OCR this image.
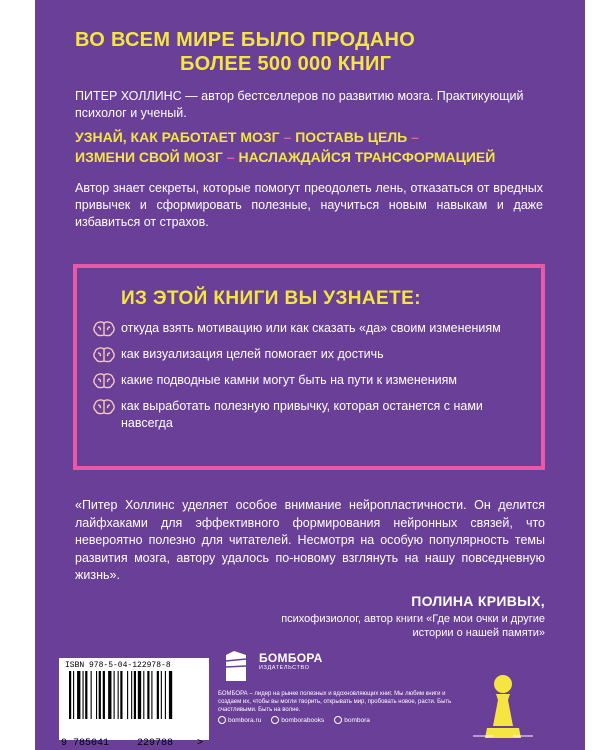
ВО ВСЕМ МИРЕ БЫЛО ПРОДАНО
БОЛЕЕ 500 000 КНИГ

ПИТЕР ХОЛЛИНС — автор бестселлеров по развитию мозга. Практикующий психолог и ученый.

УЗНАЙ, КАК РАБОТАЕТ МОЗГ – ПОСТАВЬ ЦЕЛЬ –
ИЗМЕНИ СВОЙ МОЗГ – НАСЛАЖДАЙСЯ ТРАНСФОРМАЦИЕЙ

Автор знает секреты, которые помогут преодолеть лень, отказаться от вредных привычек и сформировать полезные, научиться новым навыкам и даже избавиться от страхов.

ИЗ ЭТОЙ КНИГИ ВЫ УЗНАЕТЕ:
откуда взять мотивацию или как сказать «да» своим изменениям
как визуализация целей помогает их достичь
какие подводные камни могут быть на пути к изменениям
как выработать полезную привычку, которая останется с нами навсегда

«Питер Холлинс уделяет особое внимание нейропластичности. Он делится лайфхаками для эффективного формирования нейронных связей, что невероятно полезно для читателей. Несмотря на особую популярность темы развития мозга, автору удалось по-новому взглянуть на нашу повседневную жизнь».

ПОЛИНА КРИВЫХ,
психофизиолог, автор книги «Где мои очки и другие истории о нашей памяти»
ISBN 978-5-04-122978-8
9 785041	229788 >
БОМБОРА
ИЗДАТЕЛЬСТВО

БОМБОРА – лидер на рынке полезных и вдохновляющих книг. Мы любим книги и создаем их, чтобы вы могли творить, открывать мир, пробовать новое, расти. Быть счастливыми. Быть на волне.

bombora.ru	bomborabooks	bombora
